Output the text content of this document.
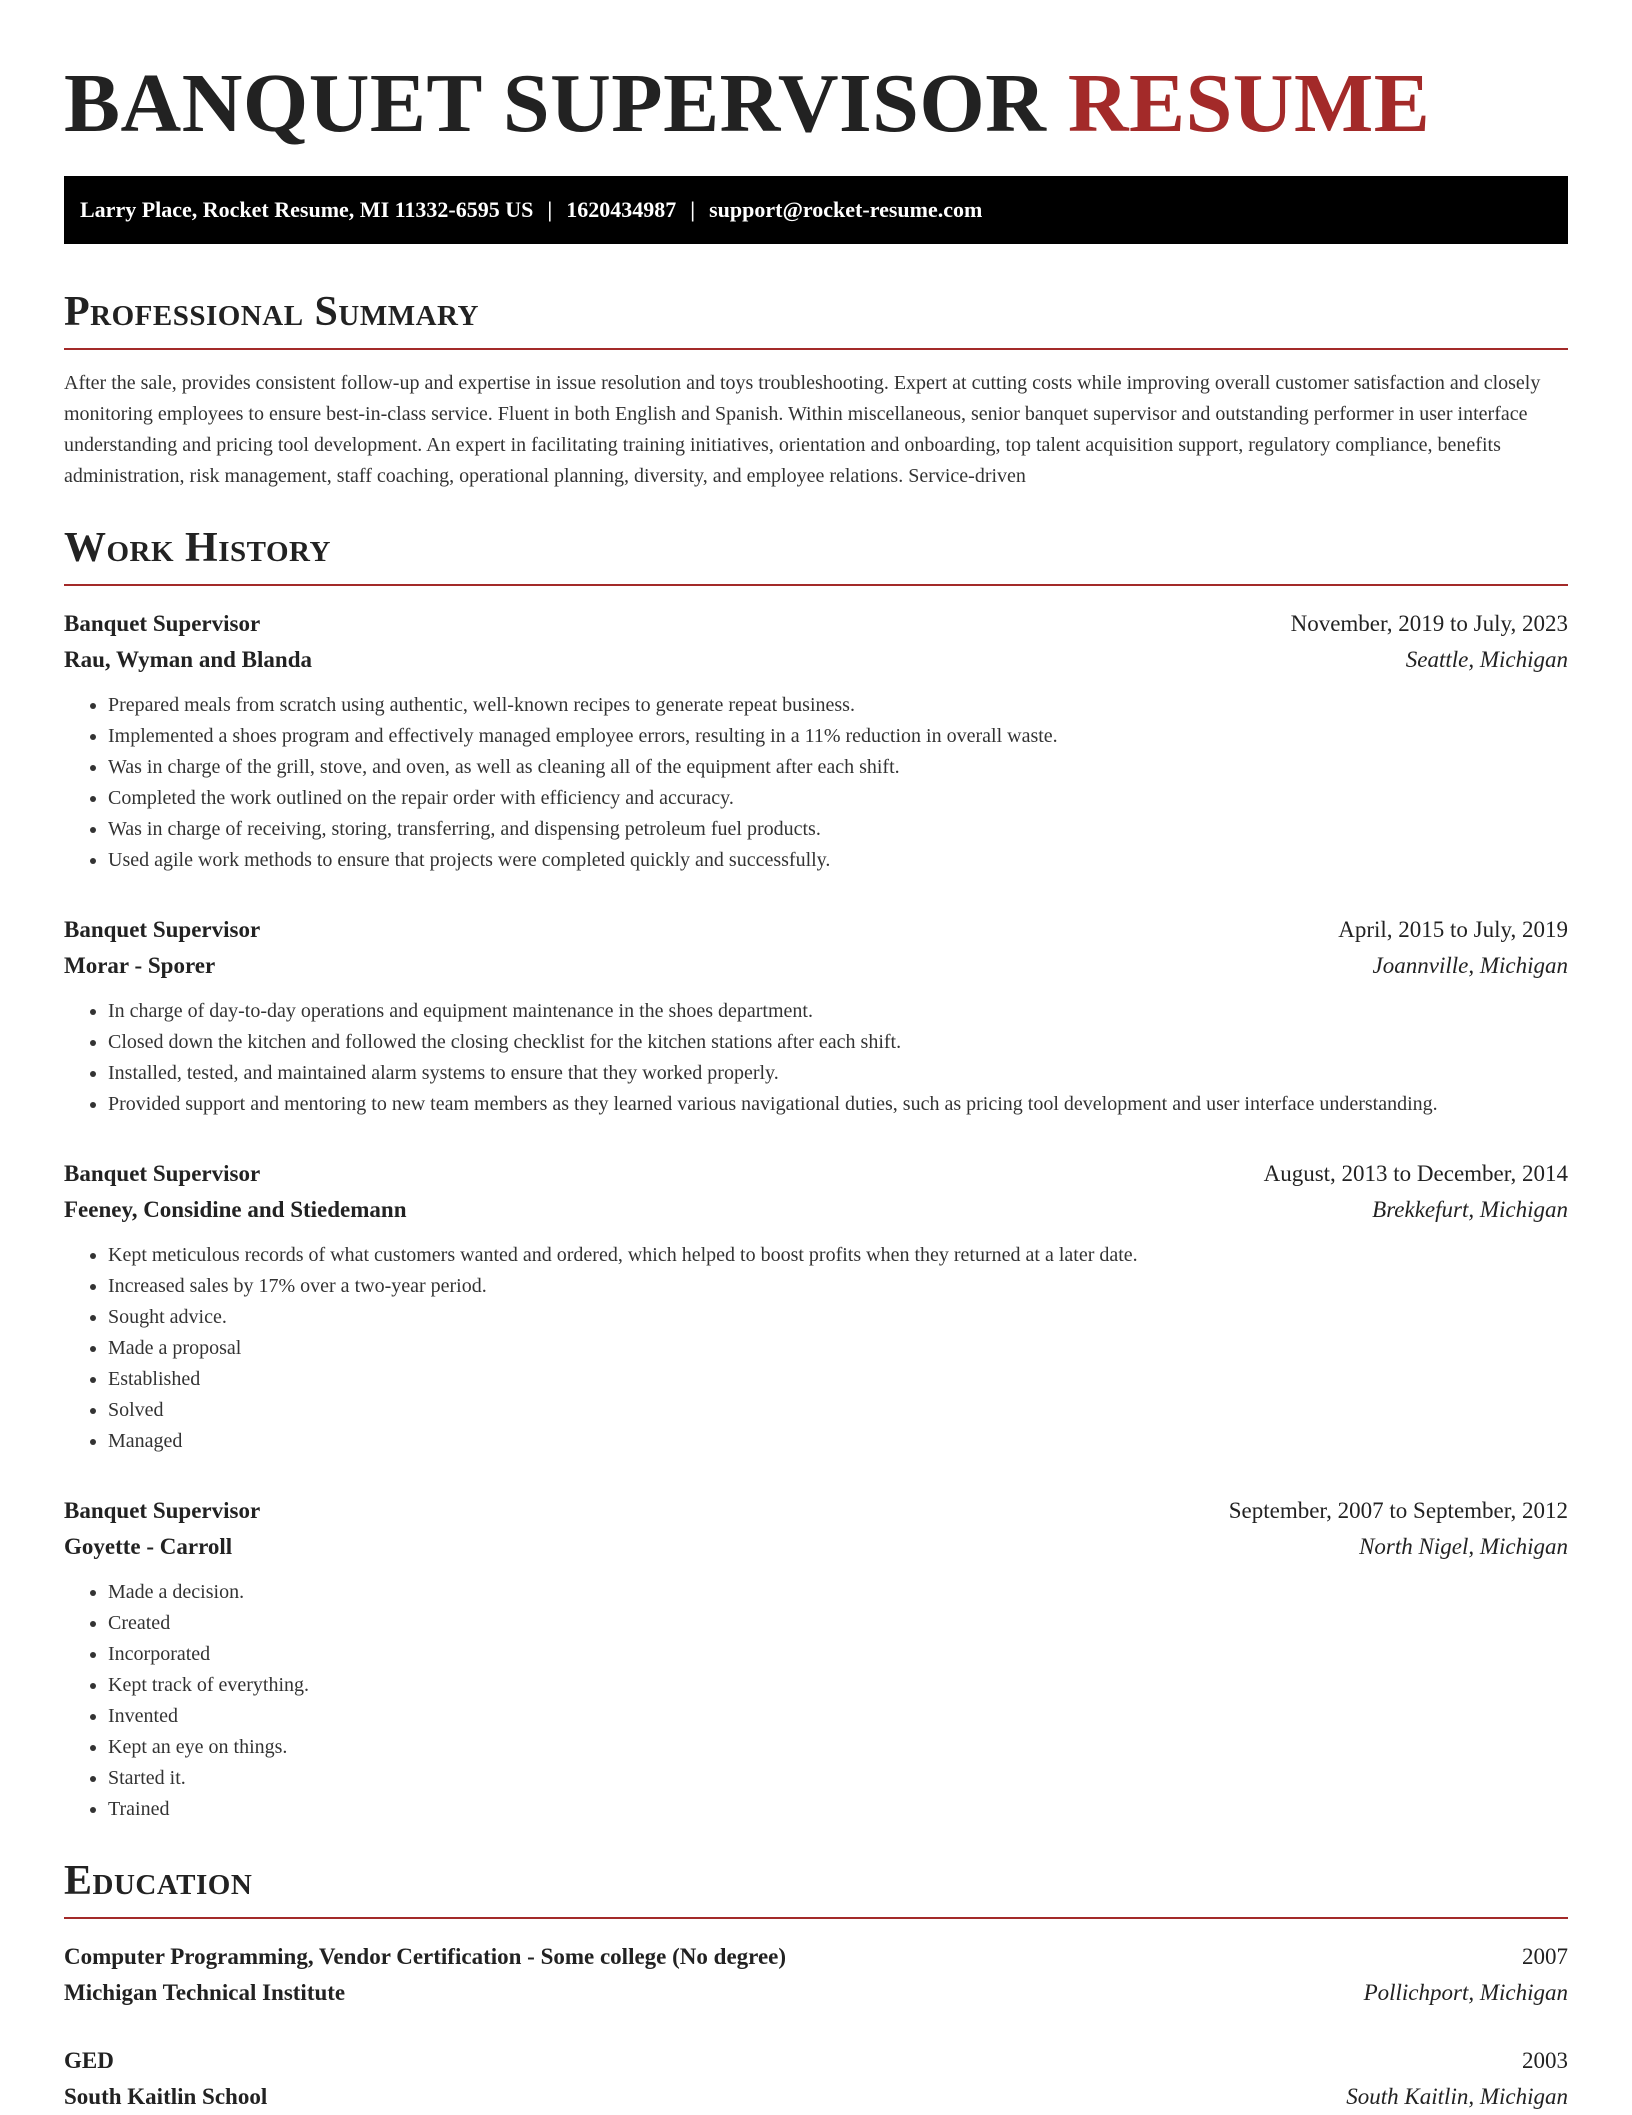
BANQUET SUPERVISOR RESUME
Larry Place, Rocket Resume, MI 11332-6595 US | 1620434987 | support@rocket-resume.com
Professional Summary

After the sale, provides consistent follow-up and expertise in issue resolution and toys troubleshooting. Expert at cutting costs while improving overall customer satisfaction and closely monitoring employees to ensure best-in-class service. Fluent in both English and Spanish. Within miscellaneous, senior banquet supervisor and outstanding performer in user interface understanding and pricing tool development. An expert in facilitating training initiatives, orientation and onboarding, top talent acquisition support, regulatory compliance, benefits administration, risk management, staff coaching, operational planning, diversity, and employee relations. Service-driven

Work History
Banquet Supervisor	November, 2019 to July, 2023
Rau, Wyman and Blanda	Seattle, Michigan
• Prepared meals from scratch using authentic, well-known recipes to generate repeat business.
• Implemented a shoes program and effectively managed employee errors, resulting in a 11% reduction in overall waste.
• Was in charge of the grill, stove, and oven, as well as cleaning all of the equipment after each shift.
• Completed the work outlined on the repair order with efficiency and accuracy.
• Was in charge of receiving, storing, transferring, and dispensing petroleum fuel products.
• Used agile work methods to ensure that projects were completed quickly and successfully.
Banquet Supervisor	April, 2015 to July, 2019
Morar - Sporer	Joannville, Michigan
• In charge of day-to-day operations and equipment maintenance in the shoes department.
• Closed down the kitchen and followed the closing checklist for the kitchen stations after each shift.
• Installed, tested, and maintained alarm systems to ensure that they worked properly.
• Provided support and mentoring to new team members as they learned various navigational duties, such as pricing tool development and user interface understanding.
Banquet Supervisor	August, 2013 to December, 2014
Feeney, Considine and Stiedemann	Brekkefurt, Michigan
• Kept meticulous records of what customers wanted and ordered, which helped to boost profits when they returned at a later date.
• Increased sales by 17% over a two-year period.
• Sought advice.
• Made a proposal
• Established
• Solved
• Managed
Banquet Supervisor	September, 2007 to September, 2012
Goyette - Carroll	North Nigel, Michigan
• Made a decision.
• Created
• Incorporated
• Kept track of everything.
• Invented
• Kept an eye on things.
• Started it.
• Trained
Education
Computer Programming, Vendor Certification - Some college (No degree)	2007
Michigan Technical Institute	Pollichport, Michigan
GED	2003
South Kaitlin School	South Kaitlin, Michigan
